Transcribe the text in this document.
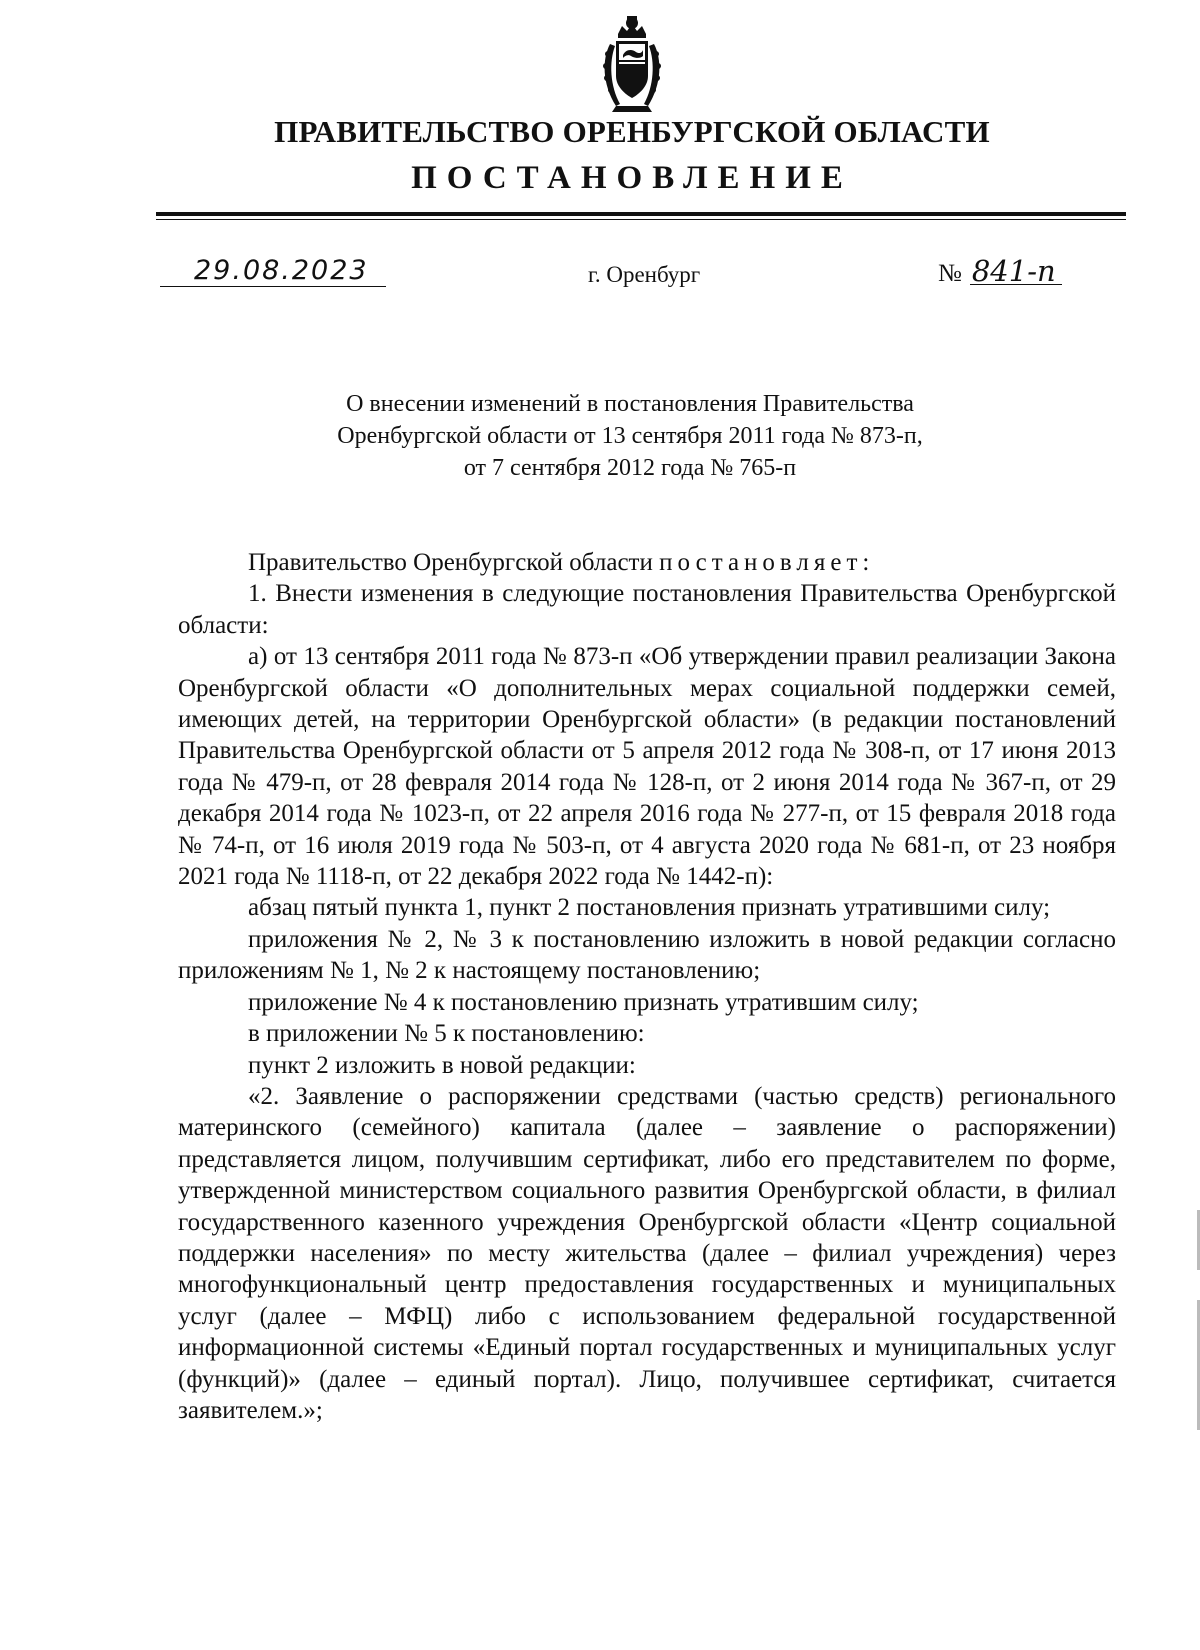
ПРАВИТЕЛЬСТВО ОРЕНБУРГСКОЙ ОБЛАСТИ
ПОСТАНОВЛЕНИЕ
29.08.2023	г. Оренбург	№ 841-п
О внесении изменений в постановления Правительства
Оренбургской области от 13 сентября 2011 года № 873-п,
от 7 сентября 2012 года № 765-п

Правительство Оренбургской области постановляет:

1. Внести изменения в следующие постановления Правительства Оренбургской области:

а) от 13 сентября 2011 года № 873-п «Об утверждении правил реализации Закона Оренбургской области «О дополнительных мерах социальной поддержки семей, имеющих детей, на территории Оренбургской области» (в редакции постановлений Правительства Оренбургской области от 5 апреля 2012 года № 308-п, от 17 июня 2013 года № 479-п, от 28 февраля 2014 года № 128-п, от 2 июня 2014 года № 367-п, от 29 декабря 2014 года № 1023-п, от 22 апреля 2016 года № 277-п, от 15 февраля 2018 года № 74-п, от 16 июля 2019 года № 503-п, от 4 августа 2020 года № 681-п, от 23 ноября 2021 года № 1118-п, от 22 декабря 2022 года № 1442-п):

абзац пятый пункта 1, пункт 2 постановления признать утратившими силу;

приложения № 2, № 3 к постановлению изложить в новой редакции согласно приложениям № 1, № 2 к настоящему постановлению;

приложение № 4 к постановлению признать утратившим силу;

в приложении № 5 к постановлению:

пункт 2 изложить в новой редакции:

«2. Заявление о распоряжении средствами (частью средств) регионального материнского (семейного) капитала (далее – заявление о распоряжении) представляется лицом, получившим сертификат, либо его представителем по форме, утвержденной министерством социального развития Оренбургской области, в филиал государственного казенного учреждения Оренбургской области «Центр социальной поддержки населения» по месту жительства (далее – филиал учреждения) через многофункциональный центр предоставления государственных и муниципальных услуг (далее – МФЦ) либо с использованием федеральной государственной информационной системы «Единый портал государственных и муниципальных услуг (функций)» (далее – единый портал). Лицо, получившее сертификат, считается заявителем.»;
